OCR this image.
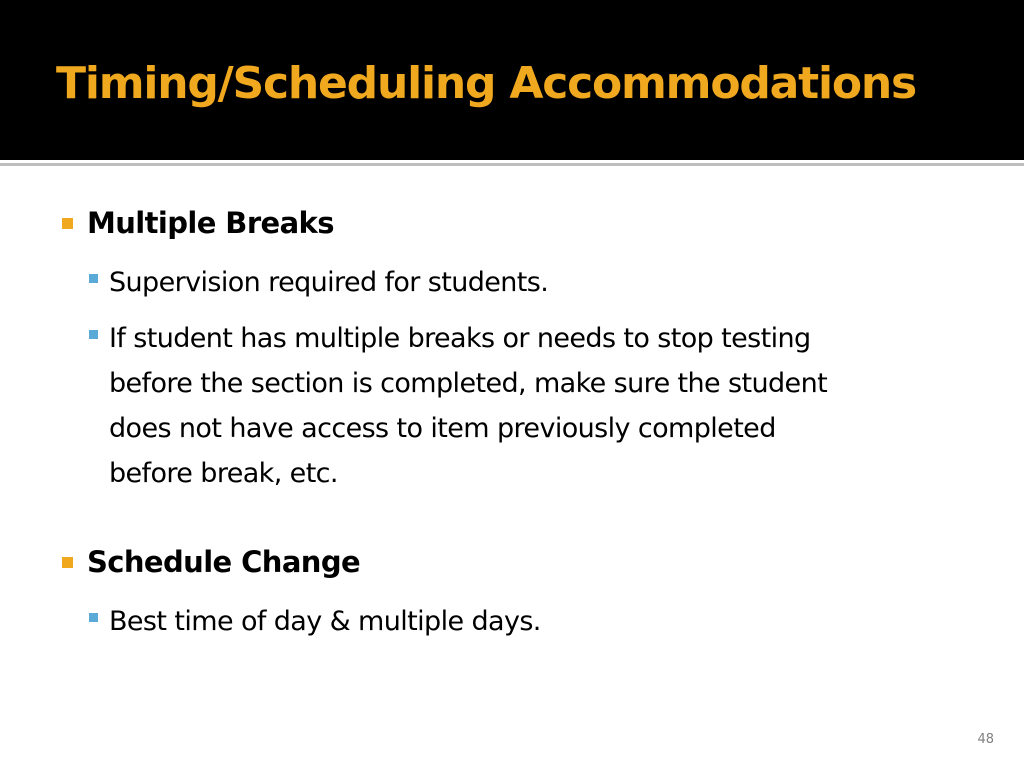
Timing/Scheduling Accommodations
Multiple Breaks
Supervision required for students.
If student has multiple breaks or needs to stop testing
before the section is completed, make sure the student
does not have access to item previously completed
before break, etc.
Schedule Change
Best time of day & multiple days.
48
